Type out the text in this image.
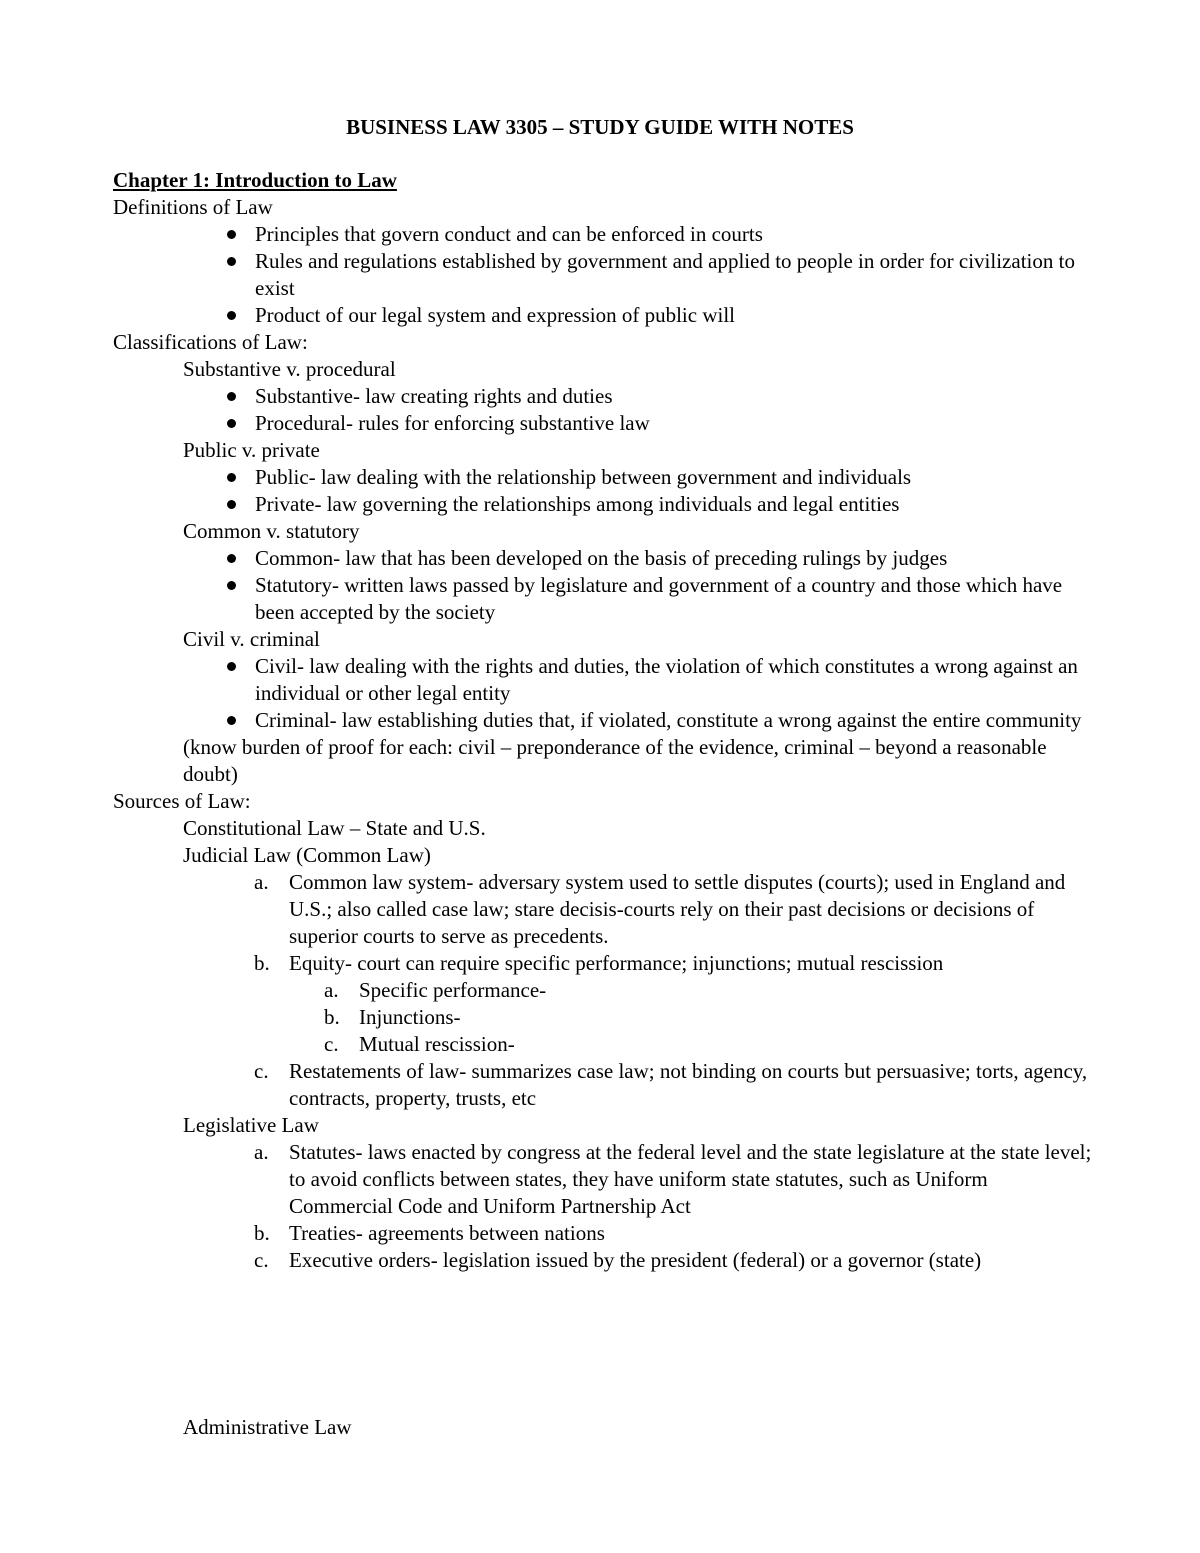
BUSINESS LAW 3305 – STUDY GUIDE WITH NOTES
Chapter 1: Introduction to Law
Definitions of Law
Principles that govern conduct and can be enforced in courts
Rules and regulations established by government and applied to people in order for civilization to exist
Product of our legal system and expression of public will
Classifications of Law:
Substantive v. procedural
Substantive- law creating rights and duties
Procedural- rules for enforcing substantive law
Public v. private
Public- law dealing with the relationship between government and individuals
Private- law governing the relationships among individuals and legal entities
Common v. statutory
Common- law that has been developed on the basis of preceding rulings by judges
Statutory- written laws passed by legislature and government of a country and those which have been accepted by the society
Civil v. criminal
Civil- law dealing with the rights and duties, the violation of which constitutes a wrong against an individual or other legal entity
Criminal- law establishing duties that, if violated, constitute a wrong against the entire community
(know burden of proof for each: civil – preponderance of the evidence, criminal – beyond a reasonable doubt)
Sources of Law:
Constitutional Law – State and U.S.
Judicial Law (Common Law)
a. Common law system- adversary system used to settle disputes (courts); used in England and U.S.; also called case law; stare decisis-courts rely on their past decisions or decisions of superior courts to serve as precedents.
b. Equity- court can require specific performance; injunctions; mutual rescission
a. Specific performance-
b. Injunctions-
c. Mutual rescission-
c. Restatements of law- summarizes case law; not binding on courts but persuasive; torts, agency, contracts, property, trusts, etc
Legislative Law
a. Statutes- laws enacted by congress at the federal level and the state legislature at the state level; to avoid conflicts between states, they have uniform state statutes, such as Uniform Commercial Code and Uniform Partnership Act
b. Treaties- agreements between nations
c. Executive orders- legislation issued by the president (federal) or a governor (state)
Administrative Law
